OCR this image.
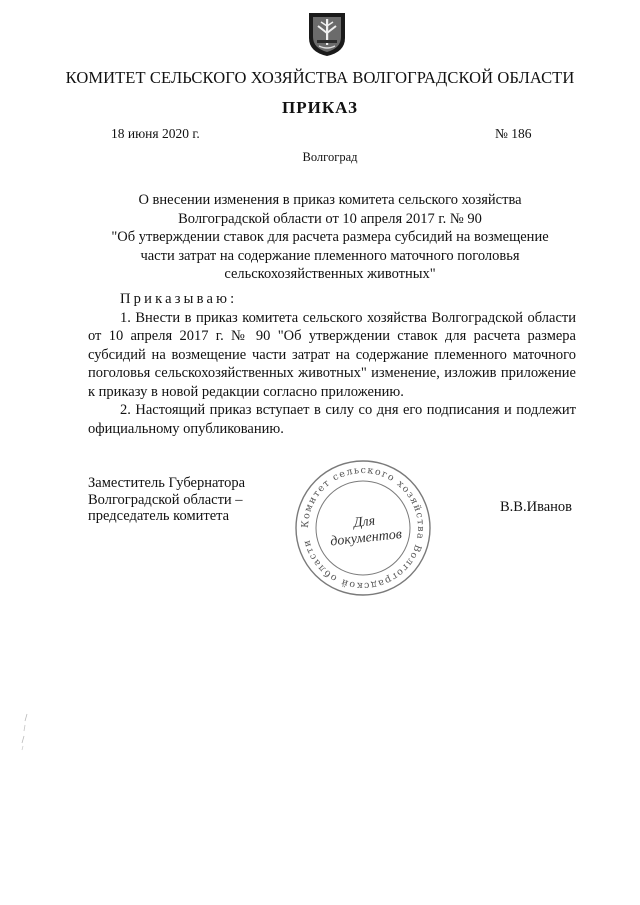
КОМИТЕТ СЕЛЬСКОГО ХОЗЯЙСТВА ВОЛГОГРАДСКОЙ ОБЛАСТИ
ПРИКАЗ
18 июня 2020 г.	№ 186
Волгоград
О внесении изменения в приказ комитета сельского хозяйства
Волгоградской области от 10 апреля 2017 г. № 90
"Об утверждении ставок для расчета размера субсидий на возмещение
части затрат на содержание племенного маточного поголовья
сельскохозяйственных животных"
Приказываю:

1. Внести в приказ комитета сельского хозяйства Волгоградской области от 10 апреля 2017 г. № 90 "Об утверждении ставок для расчета размера субсидий на возмещение части затрат на содержание племенного маточного поголовья сельскохозяйственных животных" изменение, изложив приложение к приказу в новой редакции согласно приложению.

2. Настоящий приказ вступает в силу со дня его подписания и подлежит официальному опубликованию.

Заместитель Губернатора
Волгоградской области –
председатель комитета	Комитет сельского хозяйства Волгоградской области
Для
документов
В.В.Иванов
